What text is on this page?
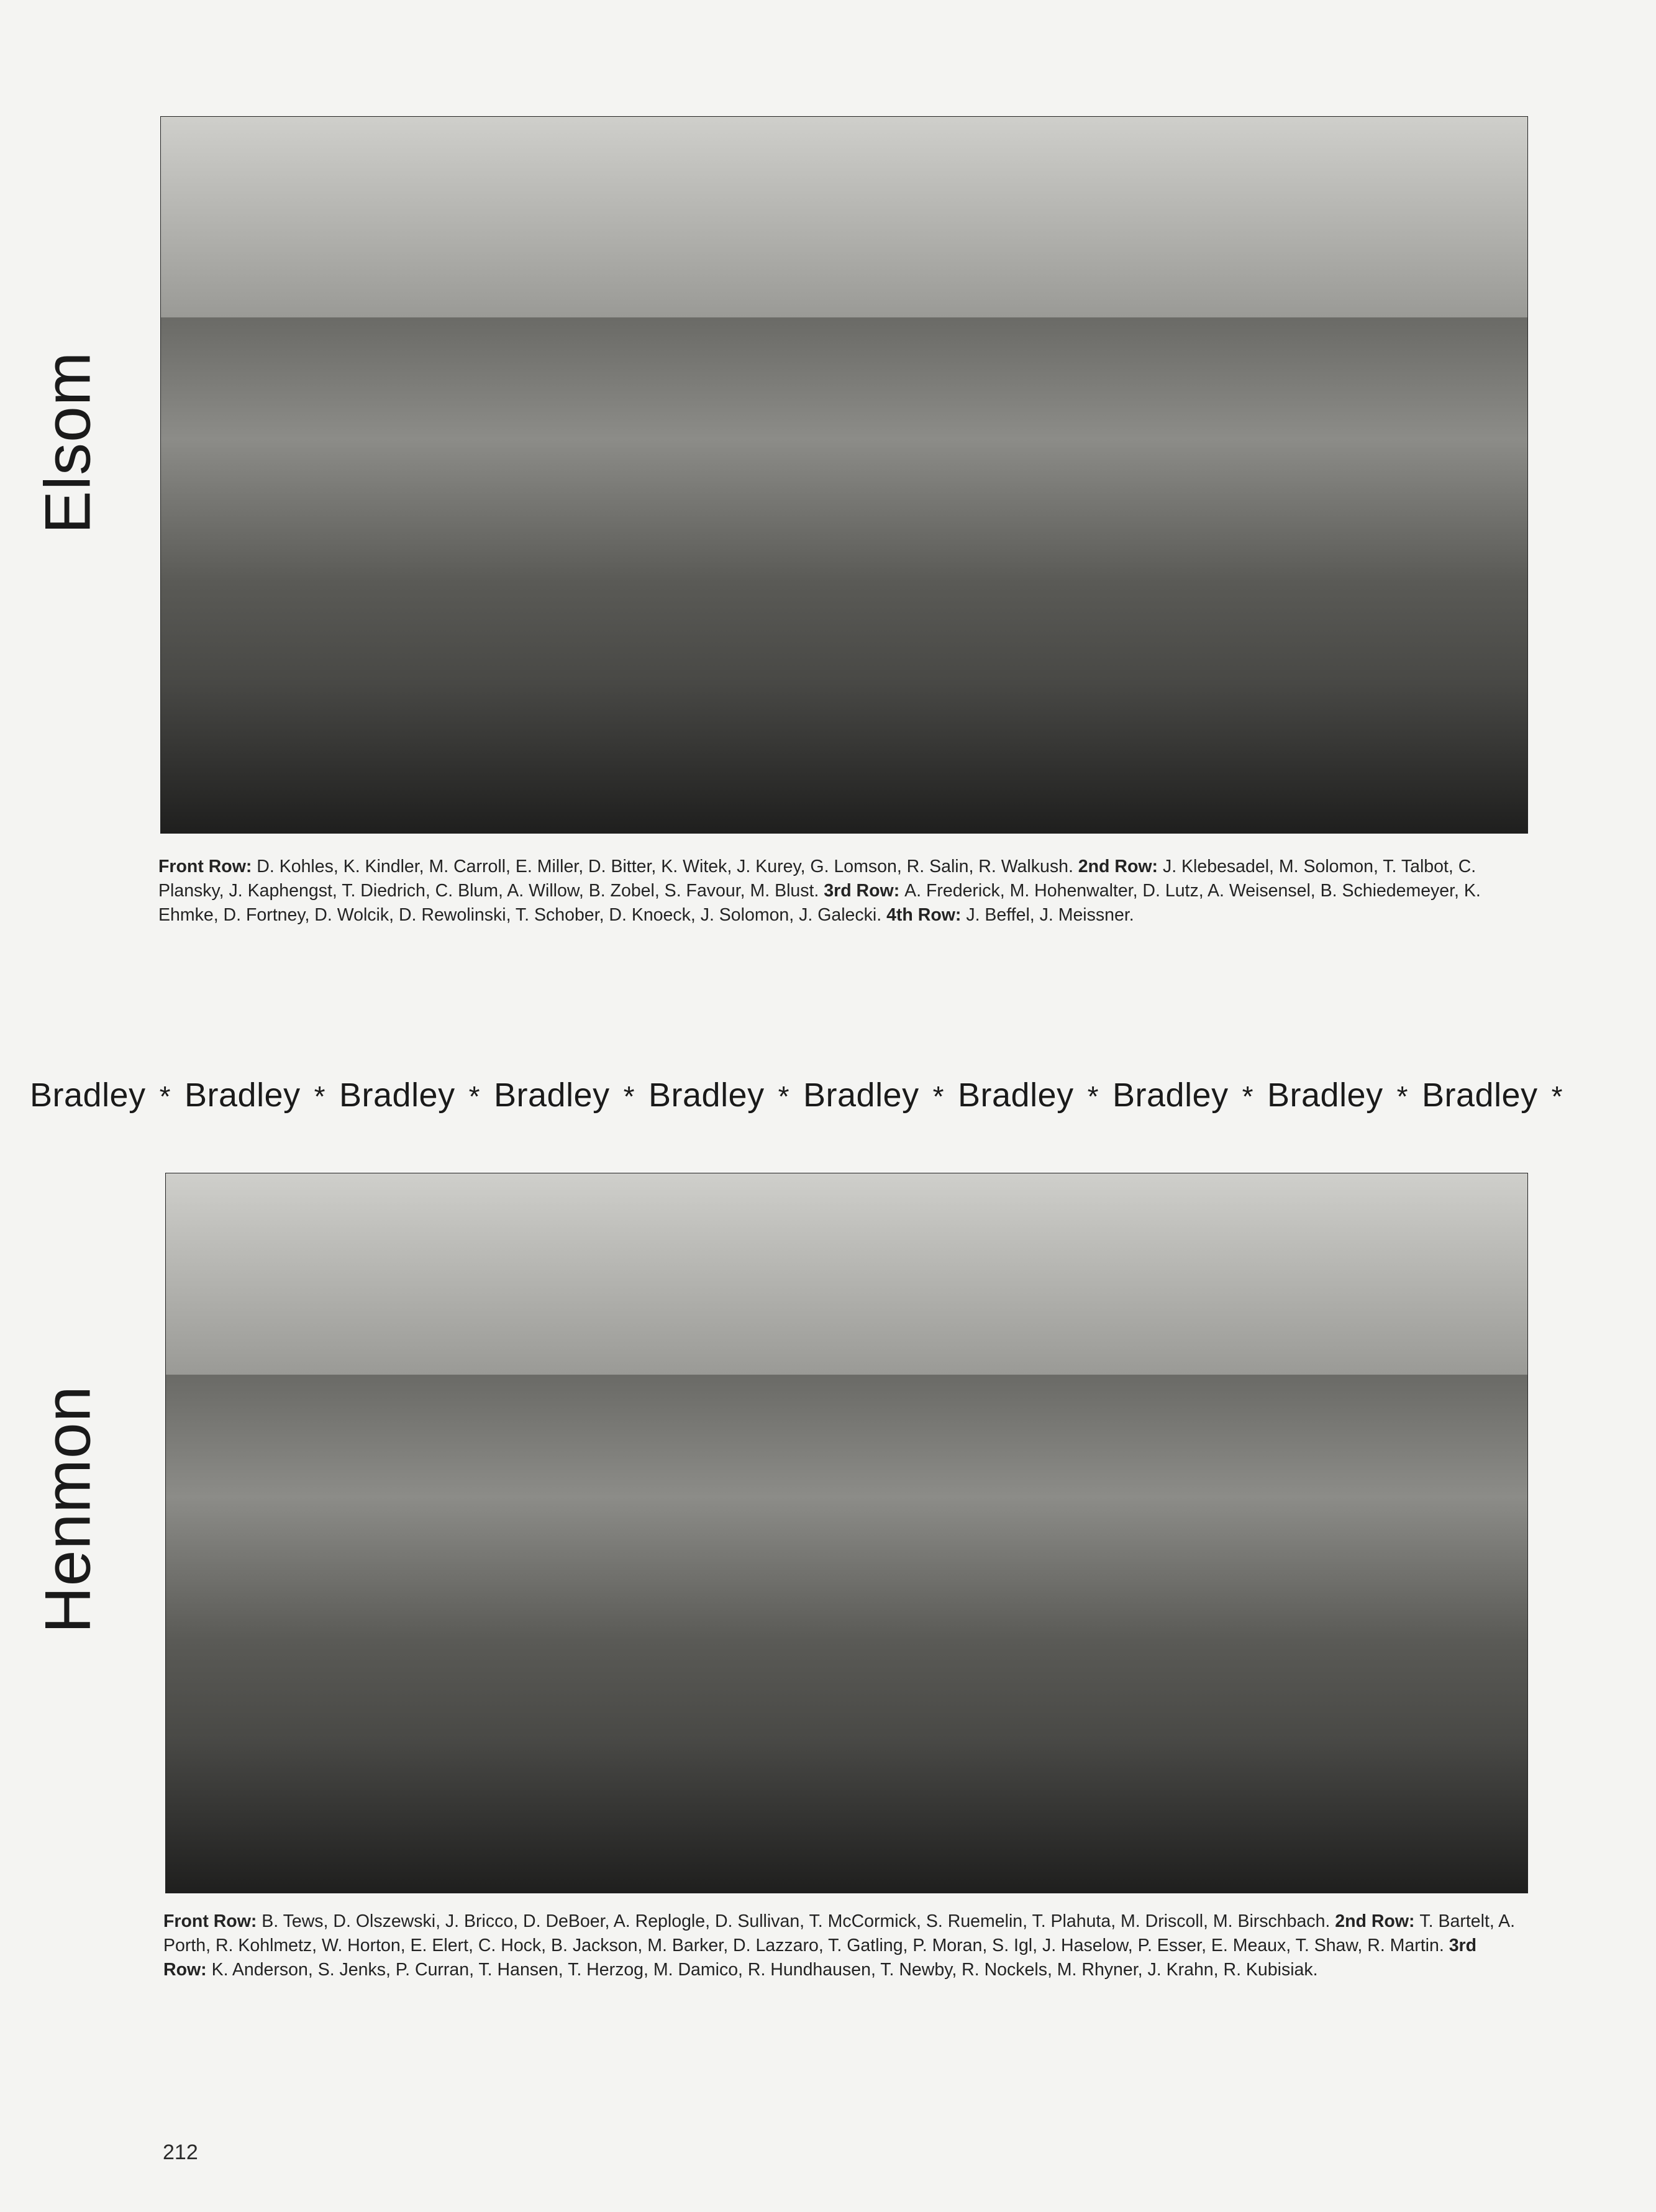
Elsom
Front Row: D. Kohles, K. Kindler, M. Carroll, E. Miller, D. Bitter, K. Witek, J. Kurey, G. Lomson, R. Salin, R. Walkush. 2nd Row: J. Klebesadel, M. Solomon, T. Talbot, C. Plansky, J. Kaphengst, T. Diedrich, C. Blum, A. Willow, B. Zobel, S. Favour, M. Blust. 3rd Row: A. Frederick, M. Hohenwalter, D. Lutz, A. Weisensel, B. Schiedemeyer, K. Ehmke, D. Fortney, D. Wolcik, D. Rewolinski, T. Schober, D. Knoeck, J. Solomon, J. Galecki. 4th Row: J. Beffel, J. Meissner.
Bradley * Bradley * Bradley * Bradley * Bradley * Bradley * Bradley * Bradley * Bradley * Bradley *
Henmon
Front Row: B. Tews, D. Olszewski, J. Bricco, D. DeBoer, A. Replogle, D. Sullivan, T. McCormick, S. Ruemelin, T. Plahuta, M. Driscoll, M. Birschbach. 2nd Row: T. Bartelt, A. Porth, R. Kohlmetz, W. Horton, E. Elert, C. Hock, B. Jackson, M. Barker, D. Lazzaro, T. Gatling, P. Moran, S. Igl, J. Haselow, P. Esser, E. Meaux, T. Shaw, R. Martin. 3rd Row: K. Anderson, S. Jenks, P. Curran, T. Hansen, T. Herzog, M. Damico, R. Hundhausen, T. Newby, R. Nockels, M. Rhyner, J. Krahn, R. Kubisiak.
212
